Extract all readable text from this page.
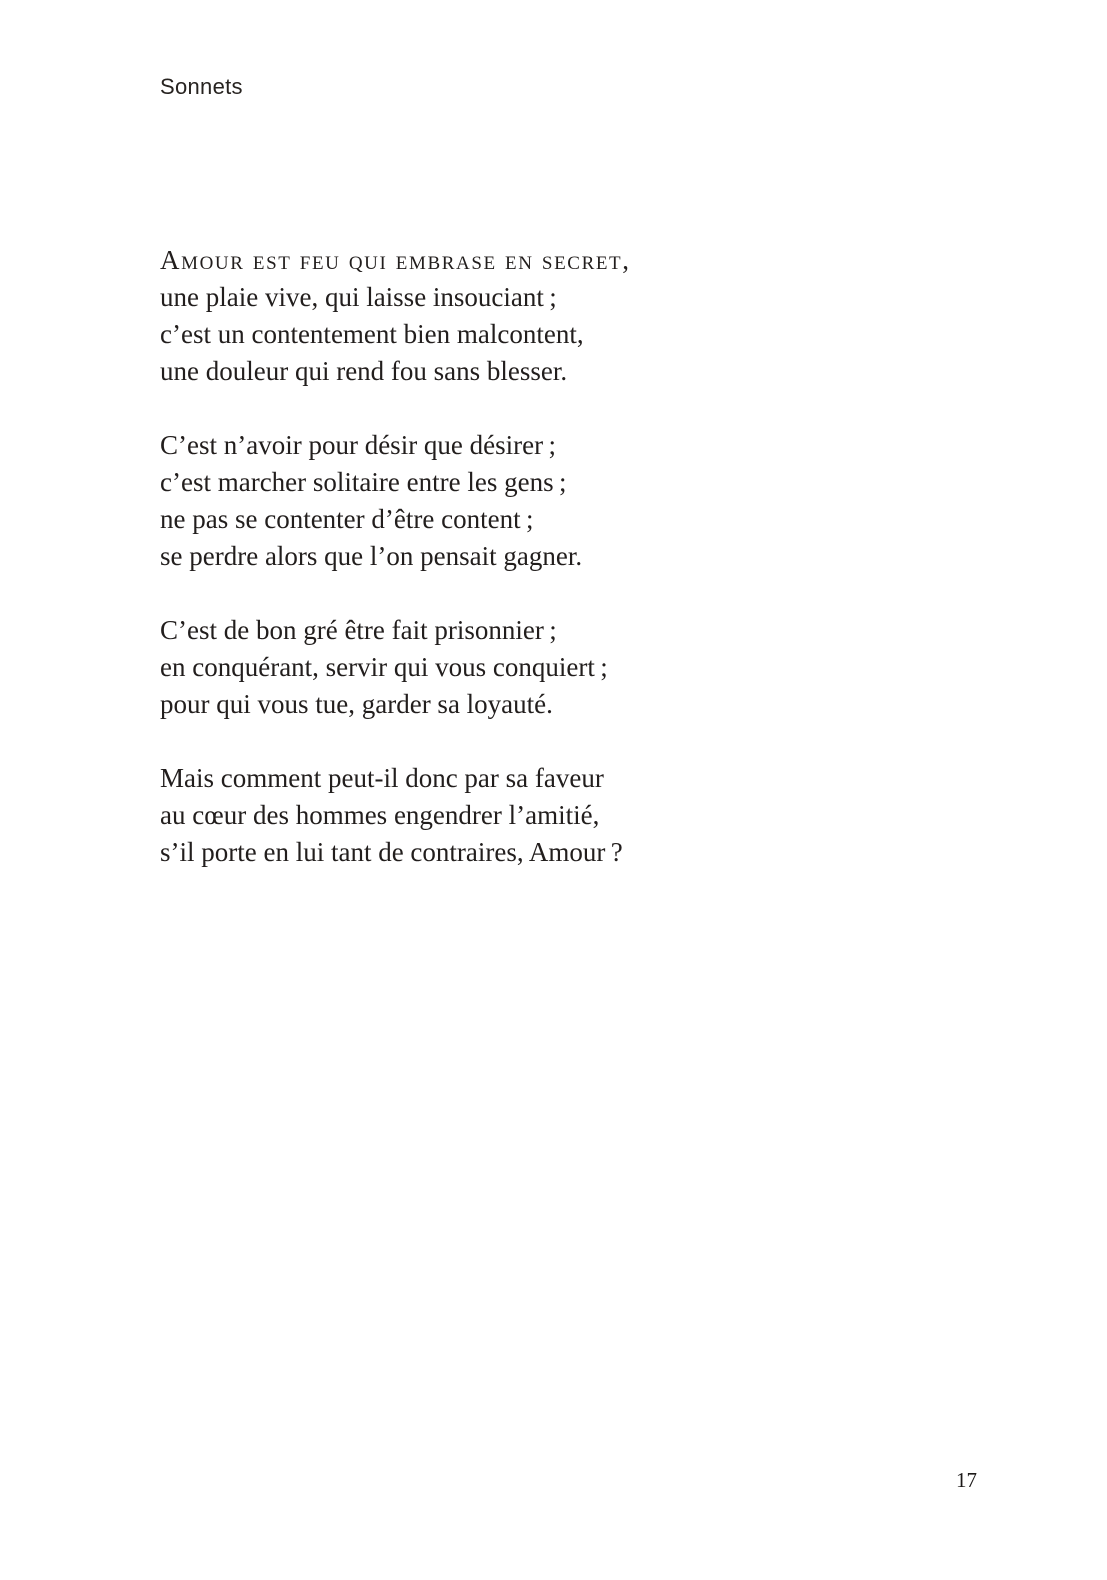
Sonnets

Amour est feu qui embrase en secret,

une plaie vive, qui laisse insouciant ;

c’est un contentement bien malcontent,

une douleur qui rend fou sans blesser.

C’est n’avoir pour désir que désirer ;

c’est marcher solitaire entre les gens ;

ne pas se contenter d’être content ;

se perdre alors que l’on pensait gagner.

C’est de bon gré être fait prisonnier ;

en conquérant, servir qui vous conquiert ;

pour qui vous tue, garder sa loyauté.

Mais comment peut-il donc par sa faveur

au cœur des hommes engendrer l’amitié,

s’il porte en lui tant de contraires, Amour ?

17
